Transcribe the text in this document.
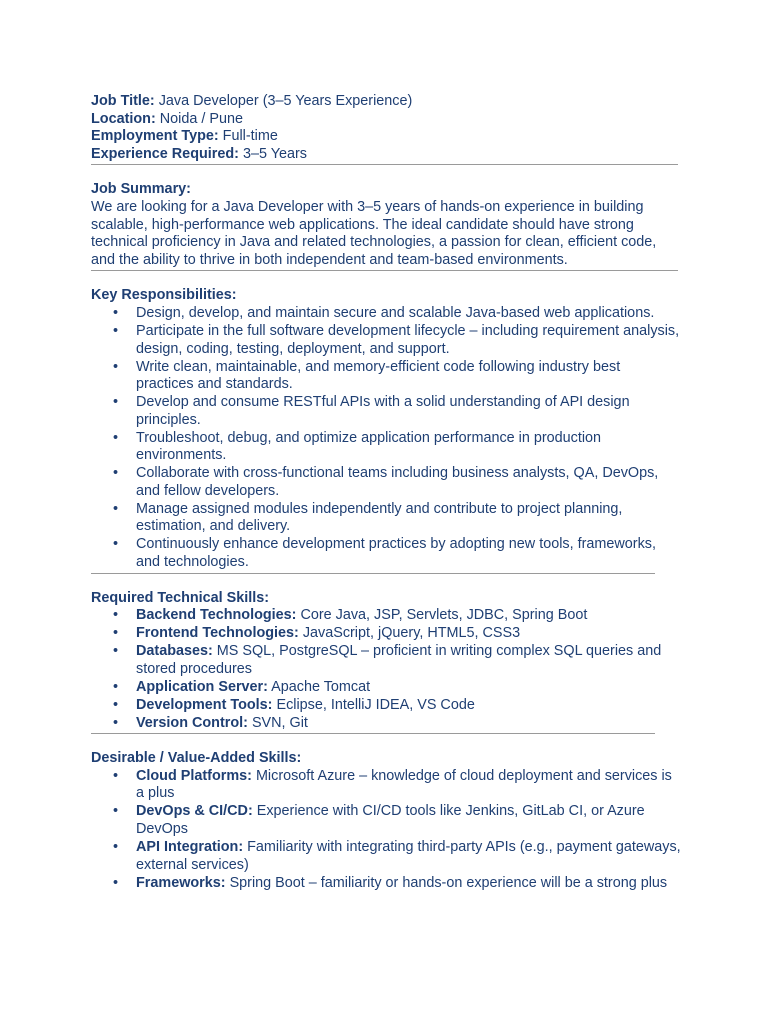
Job Title: Java Developer (3–5 Years Experience)

Location: Noida / Pune

Employment Type: Full-time

Experience Required: 3–5 Years

Job Summary:

We are looking for a Java Developer with 3–5 years of hands-on experience in building scalable, high-performance web applications. The ideal candidate should have strong technical proficiency in Java and related technologies, a passion for clean, efficient code, and the ability to thrive in both independent and team-based environments.

Key Responsibilities:

• Design, develop, and maintain secure and scalable Java-based web applications.
• Participate in the full software development lifecycle – including requirement analysis, design, coding, testing, deployment, and support.
• Write clean, maintainable, and memory-efficient code following industry best practices and standards.
• Develop and consume RESTful APIs with a solid understanding of API design principles.
• Troubleshoot, debug, and optimize application performance in production environments.
• Collaborate with cross-functional teams including business analysts, QA, DevOps, and fellow developers.
• Manage assigned modules independently and contribute to project planning, estimation, and delivery.
• Continuously enhance development practices by adopting new tools, frameworks, and technologies.

Required Technical Skills:

• Backend Technologies: Core Java, JSP, Servlets, JDBC, Spring Boot
• Frontend Technologies: JavaScript, jQuery, HTML5, CSS3
• Databases: MS SQL, PostgreSQL – proficient in writing complex SQL queries and stored procedures
• Application Server: Apache Tomcat
• Development Tools: Eclipse, IntelliJ IDEA, VS Code
• Version Control: SVN, Git

Desirable / Value-Added Skills:

• Cloud Platforms: Microsoft Azure – knowledge of cloud deployment and services is a plus
• DevOps & CI/CD: Experience with CI/CD tools like Jenkins, GitLab CI, or Azure DevOps
• API Integration: Familiarity with integrating third-party APIs (e.g., payment gateways, external services)
• Frameworks: Spring Boot – familiarity or hands-on experience will be a strong plus
